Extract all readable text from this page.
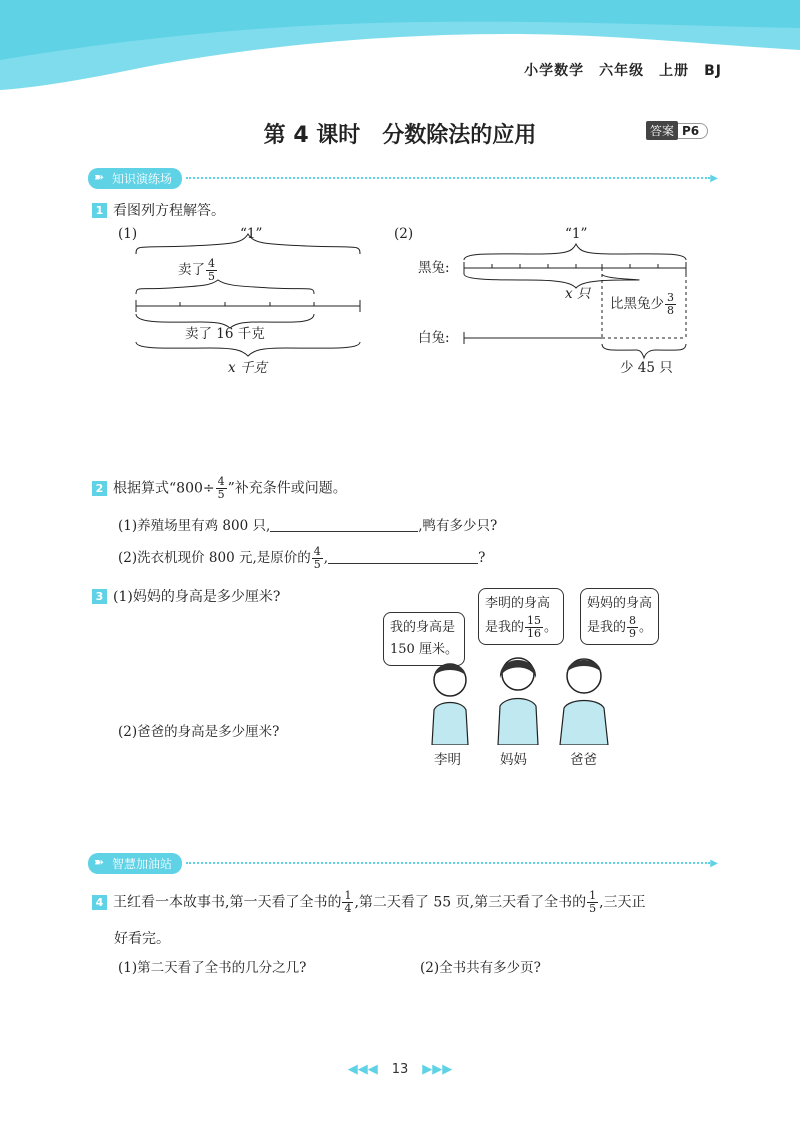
小学数学　六年级　上册　BJ
第 4 课时　分数除法的应用	答案 P6
➽ 知识演练场	▶
1 看图列方程解答。
(1)	“1”
卖了 $\frac{4}{5}$
卖了 16 千克
x 千克
(2)	“1”
黑兔:
白兔:
x 只
比黑兔少 $\frac{3}{8}$
少 45 只
2 根据算式“$800\div \frac{4}{5}$ ”补充条件或问题。
(1)养殖场里有鸡 800 只,	,鸭有多少只?
(2)洗衣机现价 800 元,是原价的 $\frac{4}{5}$ ,	?
3 (1)妈妈的身高是多少厘米?
(2)爸爸的身高是多少厘米?
我的身高是
150 厘米。
李明的身高
是我的 $\frac{15}{16}$ 。
妈妈的身高
是我的 $\frac{8}{9}$ 。
李明	妈妈	爸爸
➽ 智慧加油站	▶
4 王红看一本故事书,第一天看了全书的 $\frac{1}{4}$ ,第二天看了 55 页,第三天看了全书的 $\frac{1}{5}$ ,三天正
好看完。
(1)第二天看了全书的几分之几?	(2)全书共有多少页?
◀◀◀ 13 ▶▶▶
